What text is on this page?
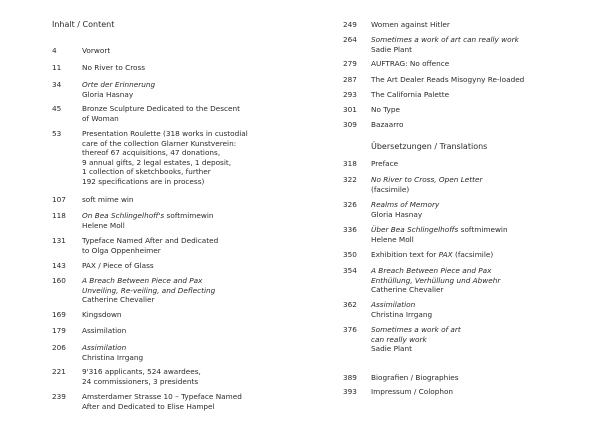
Inhalt / Content
Übersetzungen / Translations
4	Vorwort
11	No River to Cross
34	Orte der Erinnerung
Gloria Hasnay
45	Bronze Sculpture Dedicated to the Descent
of Woman
53	Presentation Roulette (318 works in custodial
care of the collection Glarner Kunstverein:
thereof 67 acquisitions, 47 donations,
9 annual gifts, 2 legal estates, 1 deposit,
1 collection of sketchbooks, further
192 specifications are in process)
107 soft mime win
118 On Bea Schlingelhoff's softmimewin
Helene Moll
131 Typeface Named After and Dedicated
to Olga Oppenheimer
143 PAX / Piece of Glass
160 A Breach Between Piece and Pax
Unveiling, Re-veiling, and Deflecting
Catherine Chevalier
169 Kingsdown
179 Assimilation
206 Assimilation
Christina Irrgang
221 9'316 applicants, 524 awardees,
24 commissioners, 3 presidents
239 Amsterdamer Strasse 10 – Typeface Named
After and Dedicated to Elise Hampel
249 Women against Hitler
264 Sometimes a work of art can really work
Sadie Plant
279 AUFTRAG: No offence
287 The Art Dealer Reads Misogyny Re-loaded
293 The California Palette
301 No Type
309 Bazaarro
318 Preface
322 No River to Cross, Open Letter
(facsimile)
326 Realms of Memory
Gloria Hasnay
336 Über Bea Schlingelhoffs softmimewin
Helene Moll
350 Exhibition text for PAX (facsimile)
354 A Breach Between Piece and Pax
Enthüllung, Verhüllung und Abwehr
Catherine Chevalier
362 Assimilation
Christina Irrgang
376 Sometimes a work of art
can really work
Sadie Plant
389 Biografien / Biographies
393 Impressum / Colophon
